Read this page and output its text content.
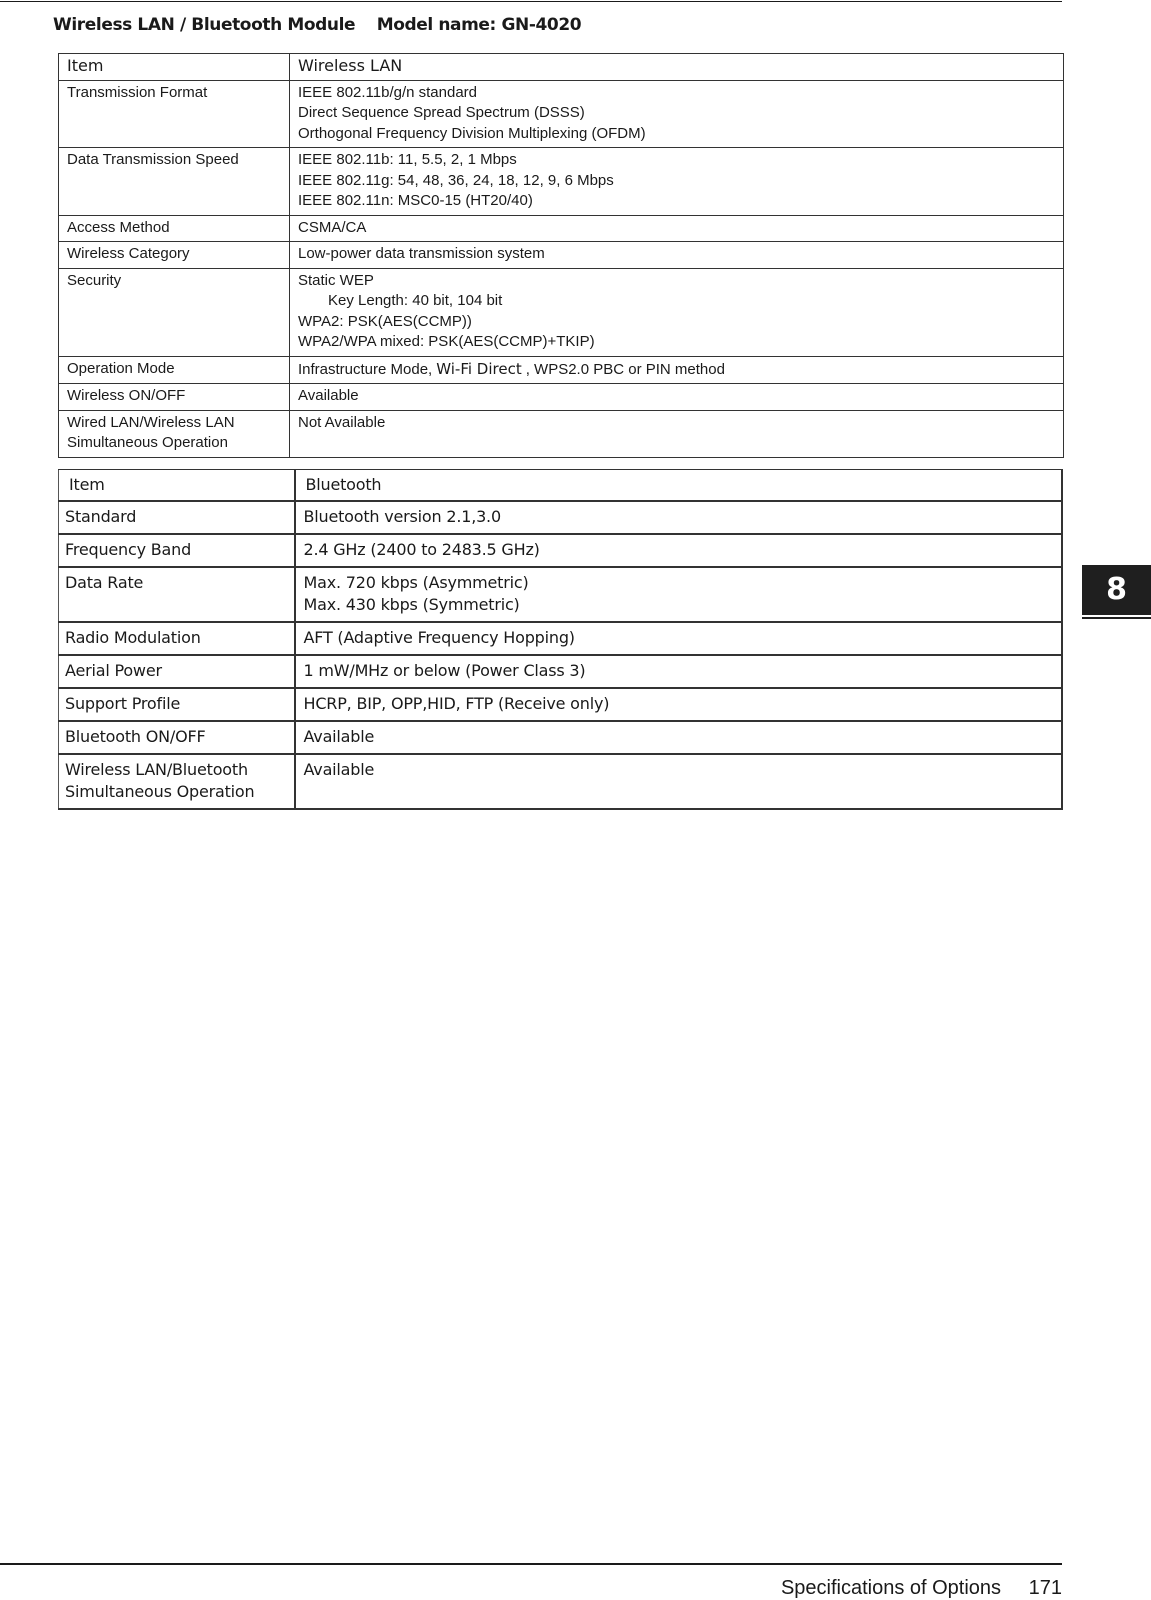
Wireless LAN / Bluetooth Module Model name: GN-4020
Item	Wireless LAN
Transmission Format	IEEE 802.11b/g/n standard
Direct Sequence Spread Spectrum (DSSS)
Orthogonal Frequency Division Multiplexing (OFDM)

Data Transmission Speed	IEEE 802.11b: 11, 5.5, 2, 1 Mbps
IEEE 802.11g: 54, 48, 36, 24, 18, 12, 9, 6 Mbps
IEEE 802.11n: MSC0-15 (HT20/40)

Access Method	CSMA/CA
Wireless Category	Low-power data transmission system
Security	Static WEP
Key Length: 40 bit, 104 bit
WPA2: PSK(AES(CCMP))
WPA2/WPA mixed: PSK(AES(CCMP)+TKIP)

Operation Mode	Infrastructure Mode, Wi-Fi Direct , WPS2.0 PBC or PIN method
Wireless ON/OFF	Available

Wired LAN/Wireless LAN
Simultaneous Operation	Not Available
Item	Bluetooth
Standard	Bluetooth version 2.1,3.0
Frequency Band	2.4 GHz (2400 to 2483.5 GHz)
Data Rate	Max. 720 kbps (Asymmetric)
Max. 430 kbps (Symmetric)

Radio Modulation	AFT (Adaptive Frequency Hopping)
Aerial Power	1 mW/MHz or below (Power Class 3)
Support Profile	HCRP, BIP, OPP,HID, FTP (Receive only)
Bluetooth ON/OFF	Available

Wireless LAN/Bluetooth
Simultaneous Operation	Available
8
Specifications of Options 171
